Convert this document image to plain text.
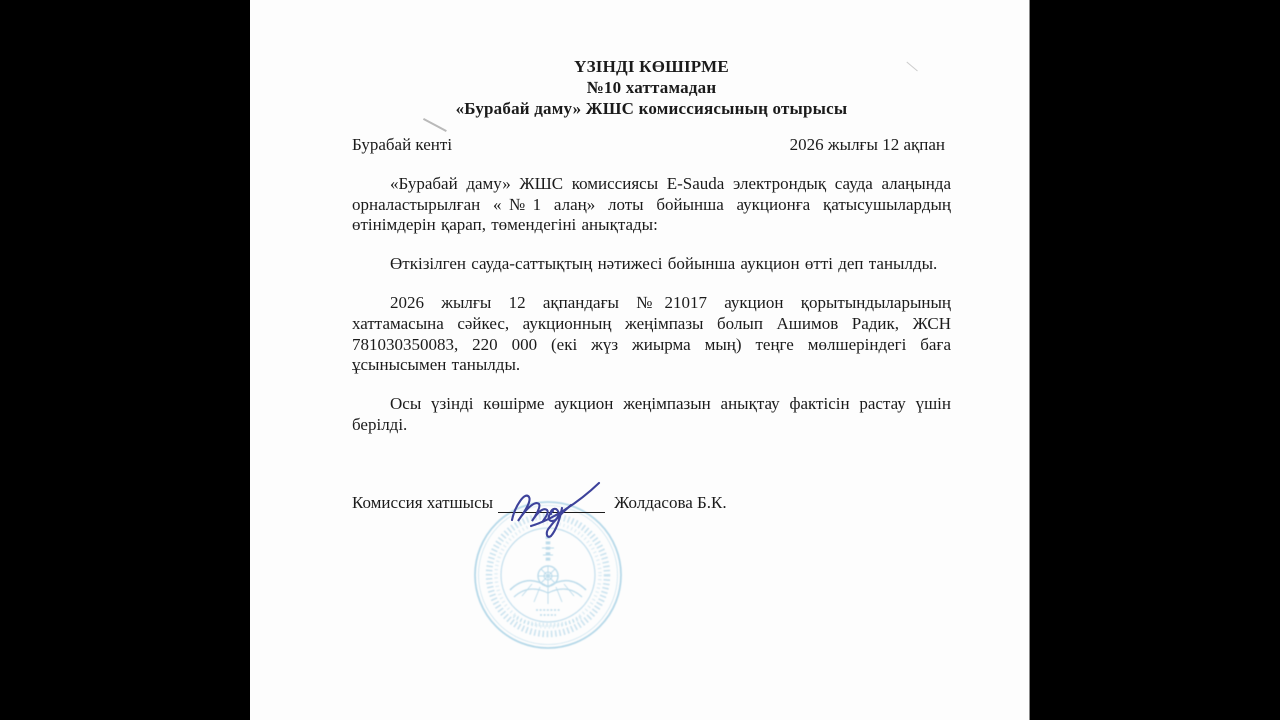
ҮЗІНДІ КӨШІРМЕ
№10 хаттамадан
«Бурабай даму» ЖШС комиссиясының отырысы
Бурабай кенті	2026 жылғы 12 ақпан

«Бурабай даму» ЖШС комиссиясы E-Sauda электрондық сауда алаңында орналастырылған «№1 алаң» лоты бойынша аукционға қатысушылардың өтінімдерін қарап, төмендегіні анықтады:

Өткізілген сауда-саттықтың нәтижесі бойынша аукцион өтті деп танылды.

2026 жылғы 12 ақпандағы №21017 аукцион қорытындыларының хаттамасына сәйкес, аукционның жеңімпазы болып Ашимов Радик, ЖСН 781030350083, 220 000 (екі жүз жиырма мың) теңге мөлшеріндегі баға ұсынысымен танылды.

Осы үзінді көшірме аукцион жеңімпазын анықтау фактісін растау үшін берілді.

Комиссия хатшысы	Жолдасова Б.К.
